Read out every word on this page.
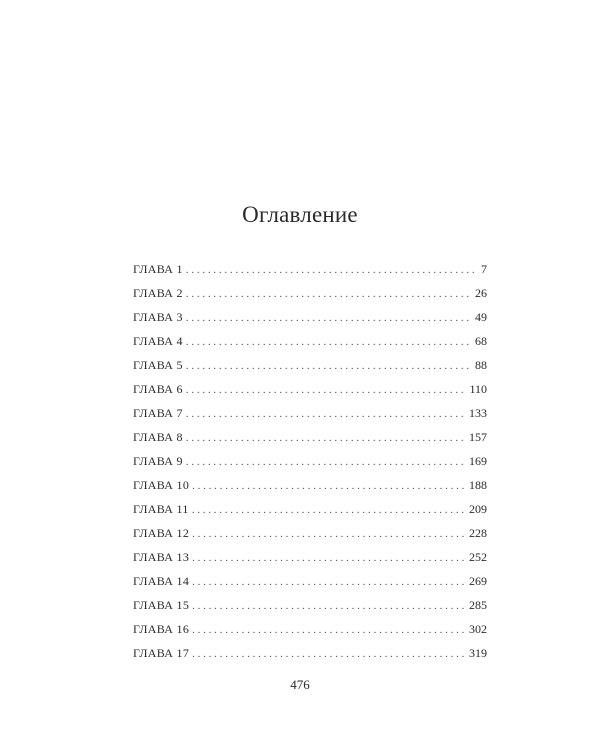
Оглавление
ГЛАВА 1 . . .	7
ГЛАВА 2 . . .	26
ГЛАВА 3 . . .	49
ГЛАВА 4 . . .	68
ГЛАВА 5 . . .	88
ГЛАВА 6 . . .	110
ГЛАВА 7 . . .	133
ГЛАВА 8 . . .	157
ГЛАВА 9 . . .	169
ГЛАВА 10 . . .	188
ГЛАВА 11 . . .	209
ГЛАВА 12 . . .	228
ГЛАВА 13 . . .	252
ГЛАВА 14 . . .	269
ГЛАВА 15 . . .	285
ГЛАВА 16 . . .	302
ГЛАВА 17 . . .	319
476
